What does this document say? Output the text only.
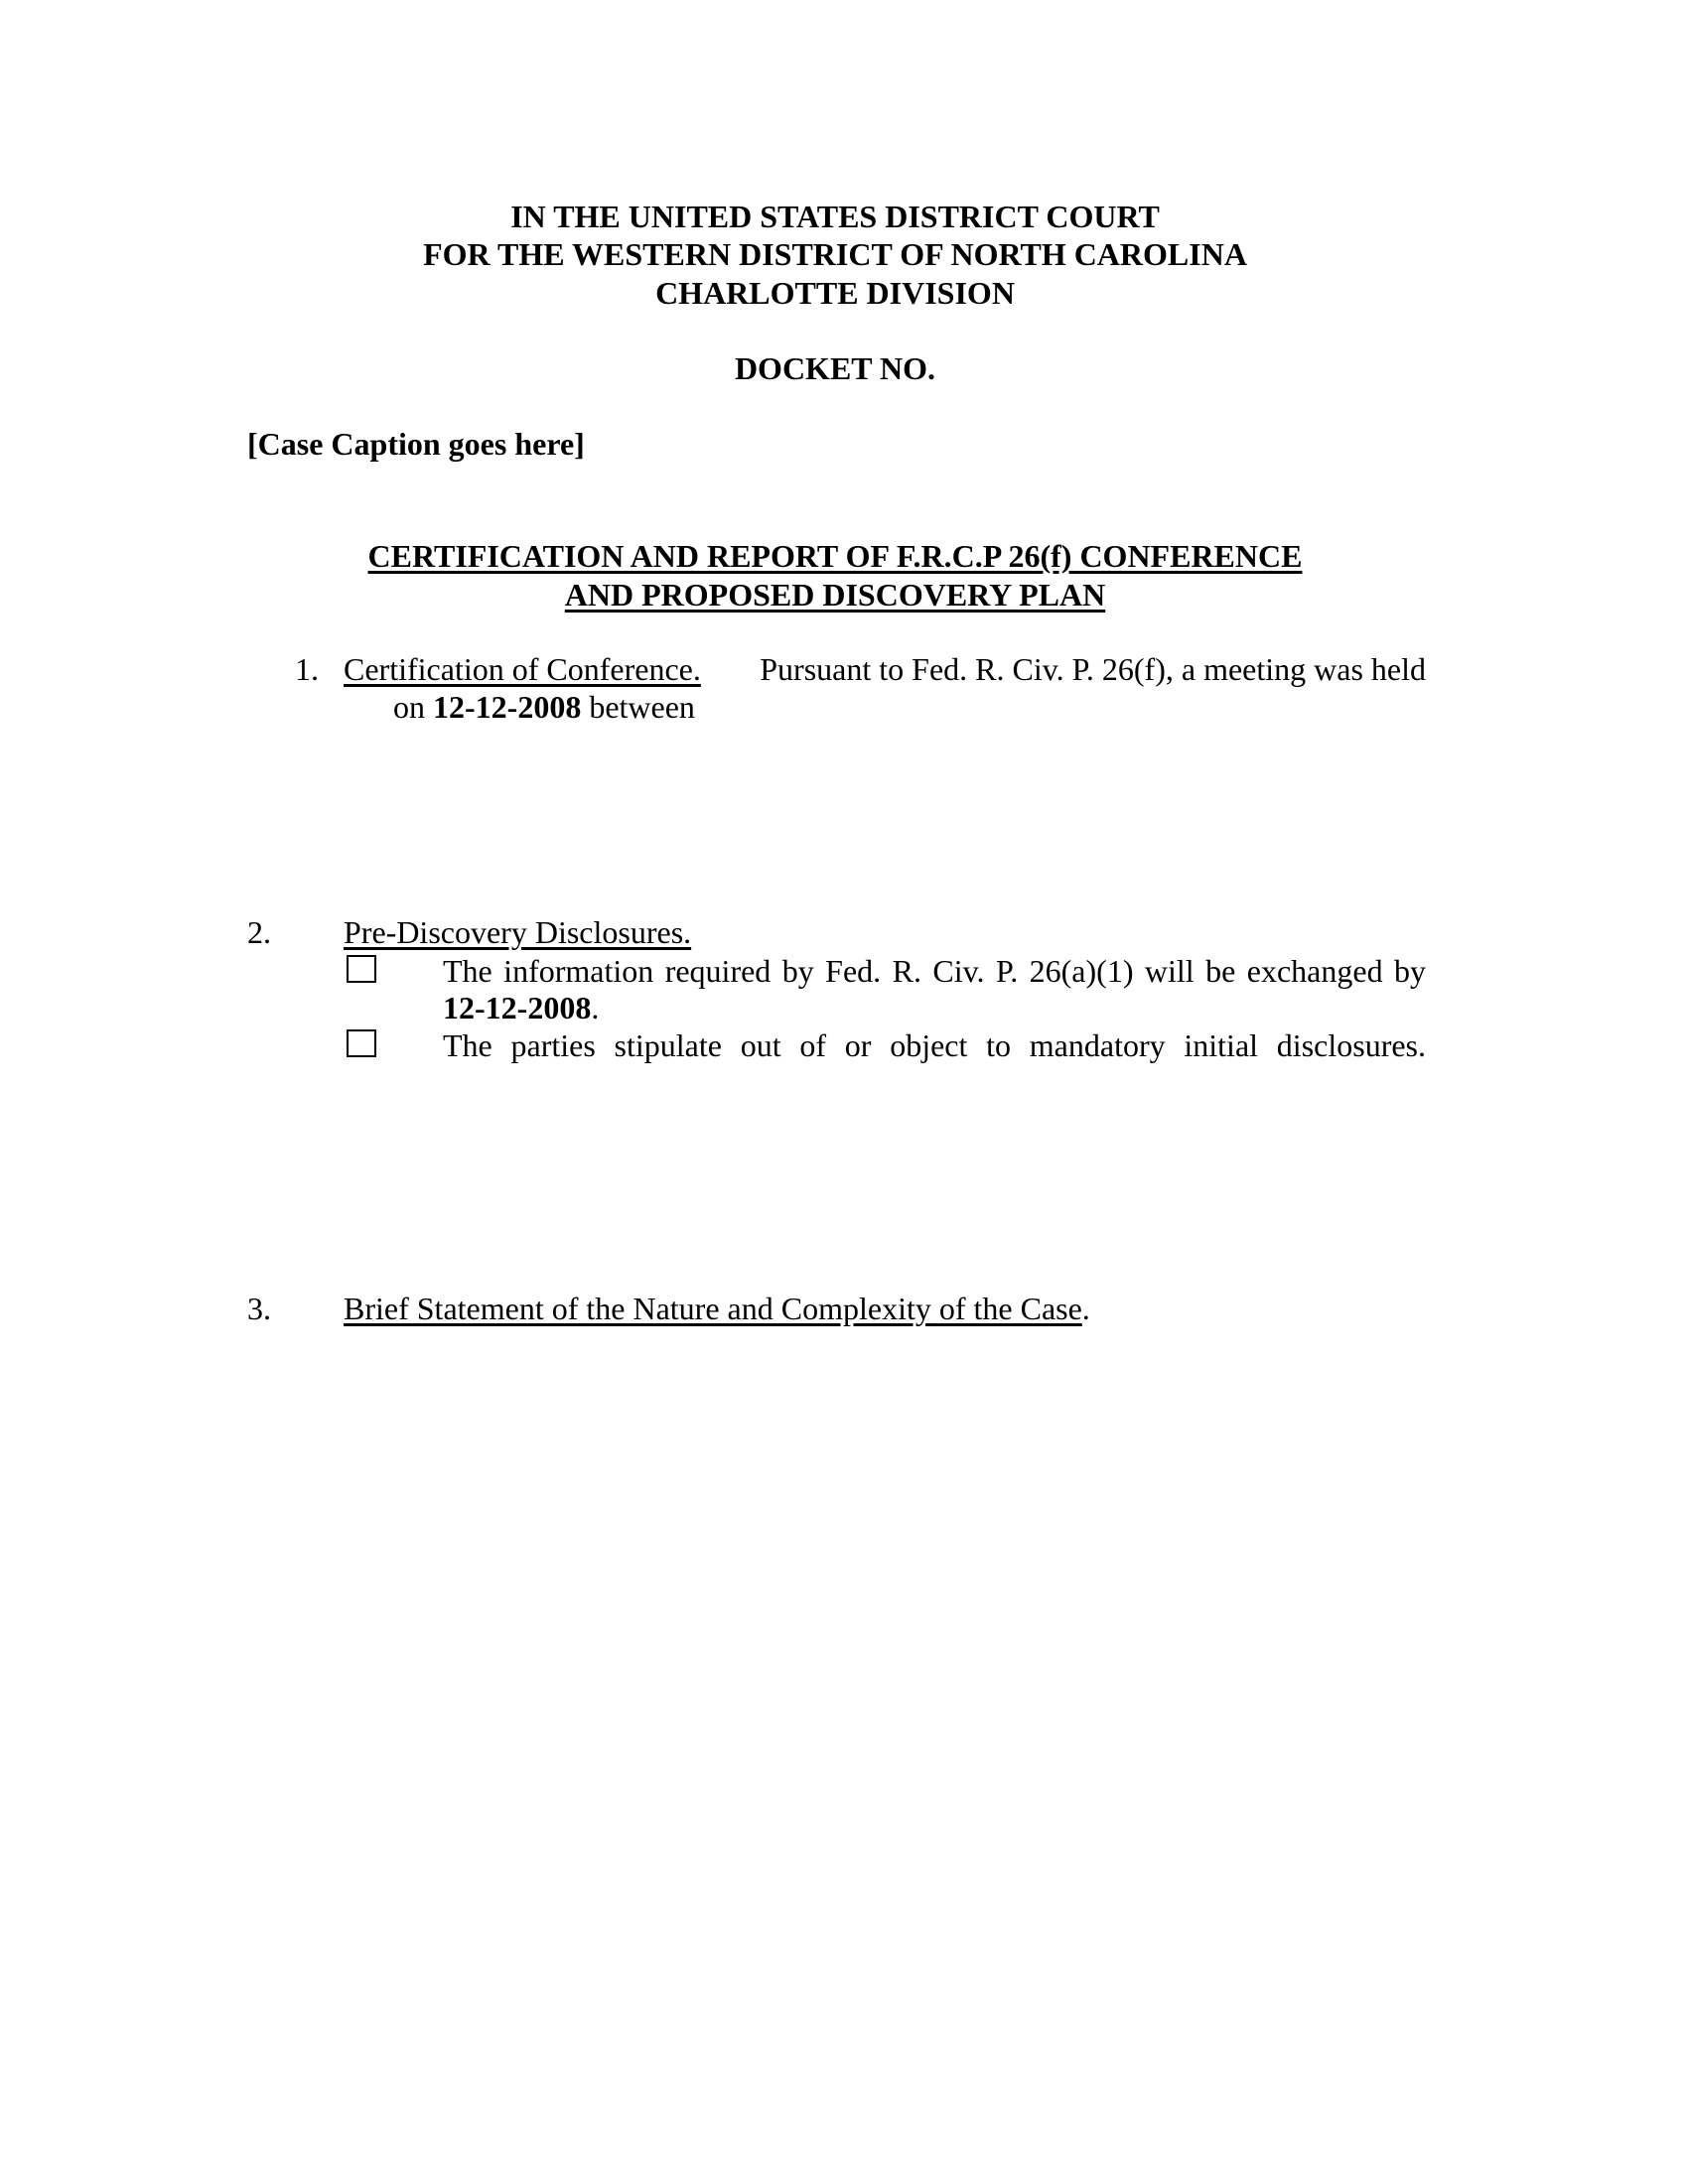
IN THE UNITED STATES DISTRICT COURT
FOR THE WESTERN DISTRICT OF NORTH CAROLINA
CHARLOTTE DIVISION
DOCKET NO.
[Case Caption goes here]
CERTIFICATION AND REPORT OF F.R.C.P 26(f) CONFERENCE
AND PROPOSED DISCOVERY PLAN
1. Certification of Conference. Pursuant to Fed. R. Civ. P. 26(f), a meeting was held
on 12-12-2008 between
2. Pre-Discovery Disclosures.
The information required by Fed. R. Civ. P. 26(a)(1) will be exchanged by
12-12-2008.
The parties stipulate out of or object to mandatory initial disclosures.
3. Brief Statement of the Nature and Complexity of the Case.
